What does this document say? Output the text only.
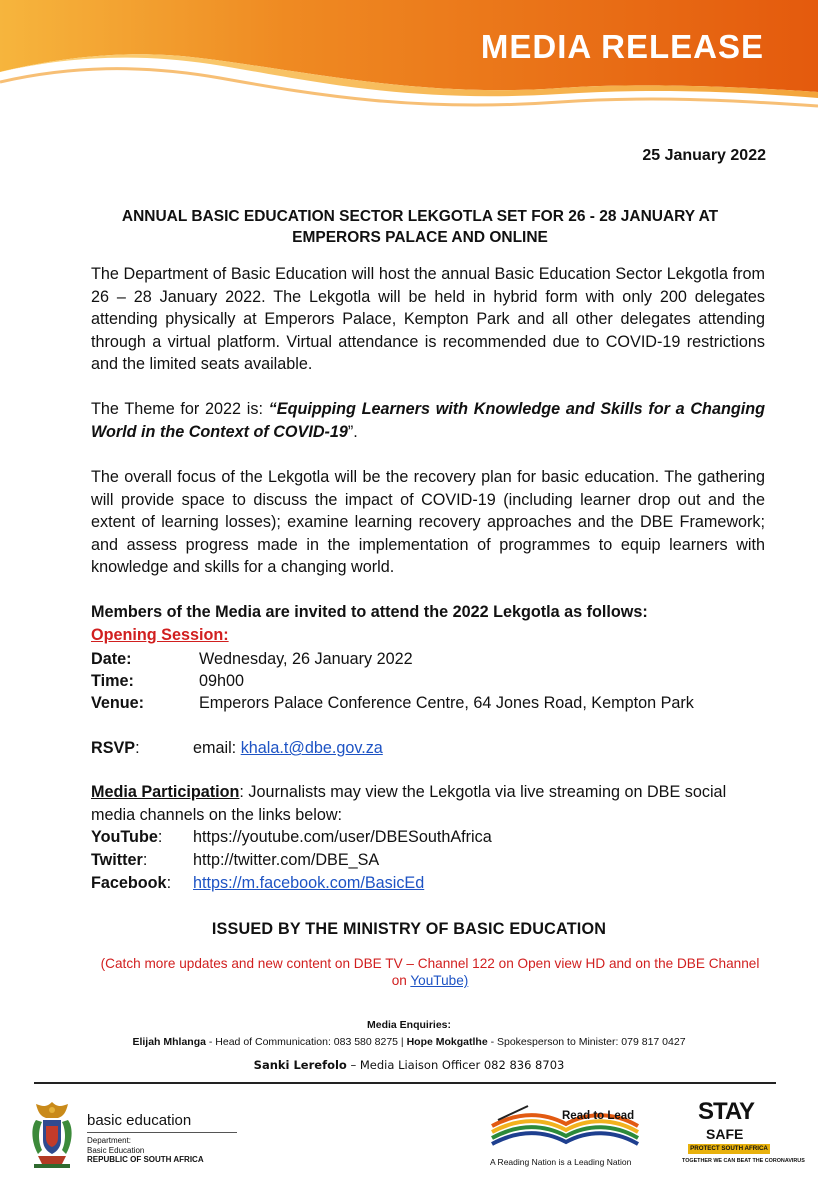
MEDIA RELEASE
25 January 2022
ANNUAL BASIC EDUCATION SECTOR LEKGOTLA SET FOR 26 - 28 JANUARY AT EMPERORS PALACE AND ONLINE
The Department of Basic Education will host the annual Basic Education Sector Lekgotla from 26 – 28 January 2022. The Lekgotla will be held in hybrid form with only 200 delegates attending physically at Emperors Palace, Kempton Park and all other delegates attending through a virtual platform. Virtual attendance is recommended due to COVID-19 restrictions and the limited seats available.
The Theme for 2022 is: “Equipping Learners with Knowledge and Skills for a Changing World in the Context of COVID-19”.
The overall focus of the Lekgotla will be the recovery plan for basic education. The gathering will provide space to discuss the impact of COVID-19 (including learner drop out and the extent of learning losses); examine learning recovery approaches and the DBE Framework; and assess progress made in the implementation of programmes to equip learners with knowledge and skills for a changing world.
Members of the Media are invited to attend the 2022 Lekgotla as follows:
Opening Session:
Date:	Wednesday, 26 January 2022
Time:	09h00
Venue:	Emperors Palace Conference Centre, 64 Jones Road, Kempton Park
RSVP:	email: khala.t@dbe.gov.za
Media Participation: Journalists may view the Lekgotla via live streaming on DBE social media channels on the links below:
YouTube: https://youtube.com/user/DBESouthAfrica
Twitter:	http://twitter.com/DBE_SA
Facebook: https://m.facebook.com/BasicEd
ISSUED BY THE MINISTRY OF BASIC EDUCATION
(Catch more updates and new content on DBE TV – Channel 122 on Open view HD and on the DBE Channel on YouTube)
Media Enquiries:
Elijah Mhlanga - Head of Communication: 083 580 8275 | Hope Mokgatlhe - Spokesperson to Minister: 079 817 0427
Sanki Lerefolo – Media Liaison Officer 082 836 8703
basic education
Department:
Basic Education
REPUBLIC OF SOUTH AFRICA
Read to Lead
A Reading Nation is a Leading Nation
STAY
SAFE
PROTECT SOUTH AFRICA
TOGETHER WE CAN BEAT THE CORONAVIRUS
